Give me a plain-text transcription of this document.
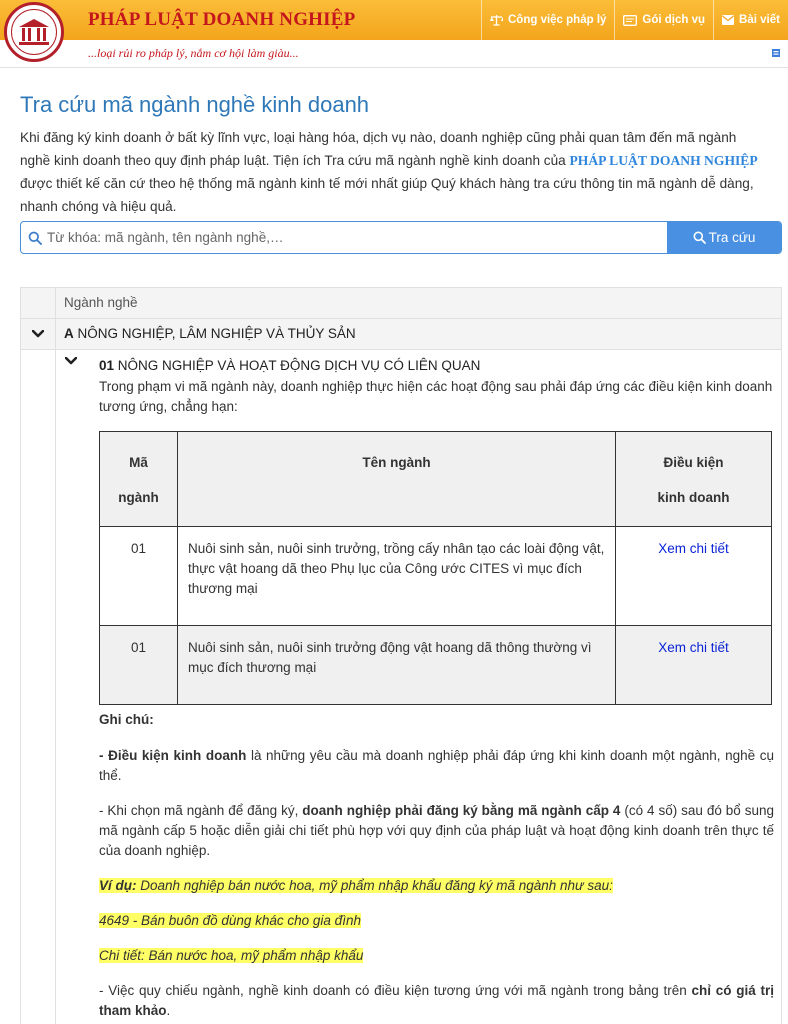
PHÁP LUẬT DOANH NGHIỆP
...loại rủi ro pháp lý, nắm cơ hội làm giàu...
Công việc pháp lý	Gói dịch vụ	Bài viết
Tra cứu mã ngành nghề kinh doanh

Khi đăng ký kinh doanh ở bất kỳ lĩnh vực, loại hàng hóa, dịch vụ nào, doanh nghiệp cũng phải quan tâm đến mã ngành nghề kinh doanh theo quy định pháp luật. Tiện ích Tra cứu mã ngành nghề kinh doanh của PHÁP LUẬT DOANH NGHIỆP được thiết kế căn cứ theo hệ thống mã ngành kinh tế mới nhất giúp Quý khách hàng tra cứu thông tin mã ngành dễ dàng, nhanh chóng và hiệu quả.

Từ khóa: mã ngành, tên ngành nghề,…
Tra cứu
Ngành nghề
A NÔNG NGHIỆP, LÂM NGHIỆP VÀ THỦY SẢN
01 NÔNG NGHIỆP VÀ HOẠT ĐỘNG DỊCH VỤ CÓ LIÊN QUAN
Trong phạm vi mã ngành này, doanh nghiệp thực hiện các hoạt động sau phải đáp ứng các điều kiện kinh doanh tương ứng, chẳng hạn:
Mã
ngành	Tên ngành	Điều kiện
kinh doanh
01	Nuôi sinh sản, nuôi sinh trưởng, trồng cấy nhân tạo các loài động vật, thực vật hoang dã theo Phụ lục của Công ước CITES vì mục đích thương mại	Xem chi tiết
01	Nuôi sinh sản, nuôi sinh trưởng động vật hoang dã thông thường vì mục đích thương mại	Xem chi tiết

Ghi chú:

- Điều kiện kinh doanh là những yêu cầu mà doanh nghiệp phải đáp ứng khi kinh doanh một ngành, nghề cụ thể.

- Khi chọn mã ngành để đăng ký, doanh nghiệp phải đăng ký bằng mã ngành cấp 4 (có 4 số) sau đó bổ sung mã ngành cấp 5 hoặc diễn giải chi tiết phù hợp với quy định của pháp luật và hoạt động kinh doanh trên thực tế của doanh nghiệp.

Ví dụ: Doanh nghiệp bán nước hoa, mỹ phẩm nhập khẩu đăng ký mã ngành như sau:

4649 - Bán buôn đồ dùng khác cho gia đình

Chi tiết: Bán nước hoa, mỹ phẩm nhập khẩu

- Việc quy chiếu ngành, nghề kinh doanh có điều kiện tương ứng với mã ngành trong bảng trên chỉ có giá trị tham khảo.
